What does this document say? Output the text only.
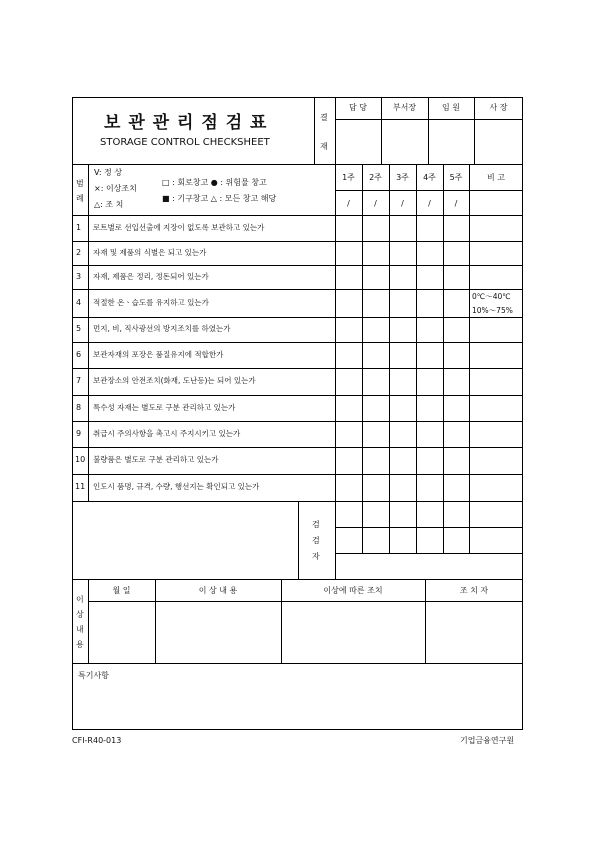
보 관 관 리 점 검 표
STORAGE CONTROL CHECKSHEET
결
재
담 당	부서장	임 원	사 장
범
례
V: 정 상
×: 이상조치
△: 조 치
□ : 회로창고 ● : 위험물 창고
■ : 기구창고 △ : 모든 창고 해당
1주	2주	3주	4주	5주	비 고
/	/	/	/	/
1 로트별로 선입선출에 지장이 없도록 보관하고 있는가
2 자재 및 제품의 식별은 되고 있는가
3 자재, 제품은 정리, 정돈되어 있는가
4 적절한 온ㆍ습도를 유지하고 있는가
0℃～40℃
10%～75%
5 먼지, 비, 직사광선의 방지조치를 하였는가
6 보관자재의 포장은 품질유지에 적합한가
7 보관장소의 안전조치(화재, 도난등)는 되어 있는가
8 특수성 자재는 별도로 구분 관리하고 있는가
9 취급시 주의사항을 촉고시 주지시키고 있는가
10 불량품은 별도로 구분 관리하고 있는가
11 인도시 품명, 규격, 수량, 행선지는 확인되고 있는가
검
검
자
이
상
내
용
월 일	이 상 내 용	이상에 따른 조치	조 치 자
특기사항
CFI-R40-013	기업금융연구원
